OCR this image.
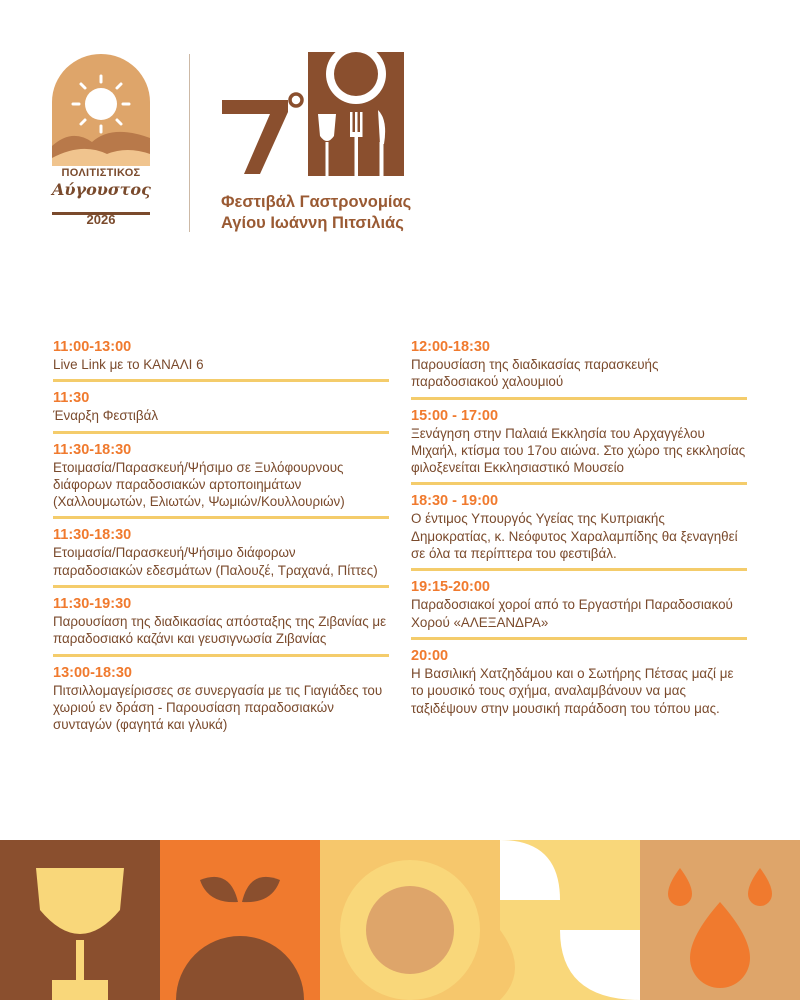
ΠΟΛΙΤΙΣΤΙΚΟΣ
Αύγουστος
2026
Φεστιβάλ Γαστρονομίας
Αγίου Ιωάννη Πιτσιλιάς
11:00-13:00
Live Link με το ΚΑΝΑΛΙ 6
11:30
Έναρξη Φεστιβάλ
11:30-18:30
Ετοιμασία/Παρασκευή/Ψήσιμο σε Ξυλόφουρνους διάφορων παραδοσιακών αρτοποιημάτων (Χαλλουμωτών, Ελιωτών, Ψωμιών/Κουλλουριών)
11:30-18:30
Ετοιμασία/Παρασκευή/Ψήσιμο διάφορων παραδοσιακών εδεσμάτων (Παλουζέ, Τραχανά, Πίττες)
11:30-19:30
Παρουσίαση της διαδικασίας απόσταξης της Ζιβανίας με παραδοσιακό καζάνι και γευσιγνωσία Ζιβανίας
13:00-18:30
Πιτσιλλομαγείρισσες σε συνεργασία με τις Γιαγιάδες του χωριού εν δράση - Παρουσίαση παραδοσιακών συνταγών (φαγητά και γλυκά)
12:00-18:30
Παρουσίαση της διαδικασίας παρασκευής παραδοσιακού χαλουμιού
15:00 - 17:00
Ξενάγηση στην Παλαιά Εκκλησία του Αρχαγγέλου Μιχαήλ, κτίσμα του 17ου αιώνα. Στο χώρο της εκκλησίας φιλοξενείται Εκκλησιαστικό Μουσείο
18:30 - 19:00
Ο έντιμος Υπουργός Υγείας της Κυπριακής Δημοκρατίας, κ. Νεόφυτος Χαραλαμπίδης θα ξεναγηθεί σε όλα τα περίπτερα του φεστιβάλ.
19:15-20:00
Παραδοσιακοί χοροί από το Εργαστήρι Παραδοσιακού Χορού «ΑΛΕΞΑΝΔΡΑ»
20:00
Η Βασιλική Χατζηδάμου και ο Σωτήρης Πέτσας μαζί με το μουσικό τους σχήμα, αναλαμβάνουν να μας ταξιδέψουν στην μουσική παράδοση του τόπου μας.
